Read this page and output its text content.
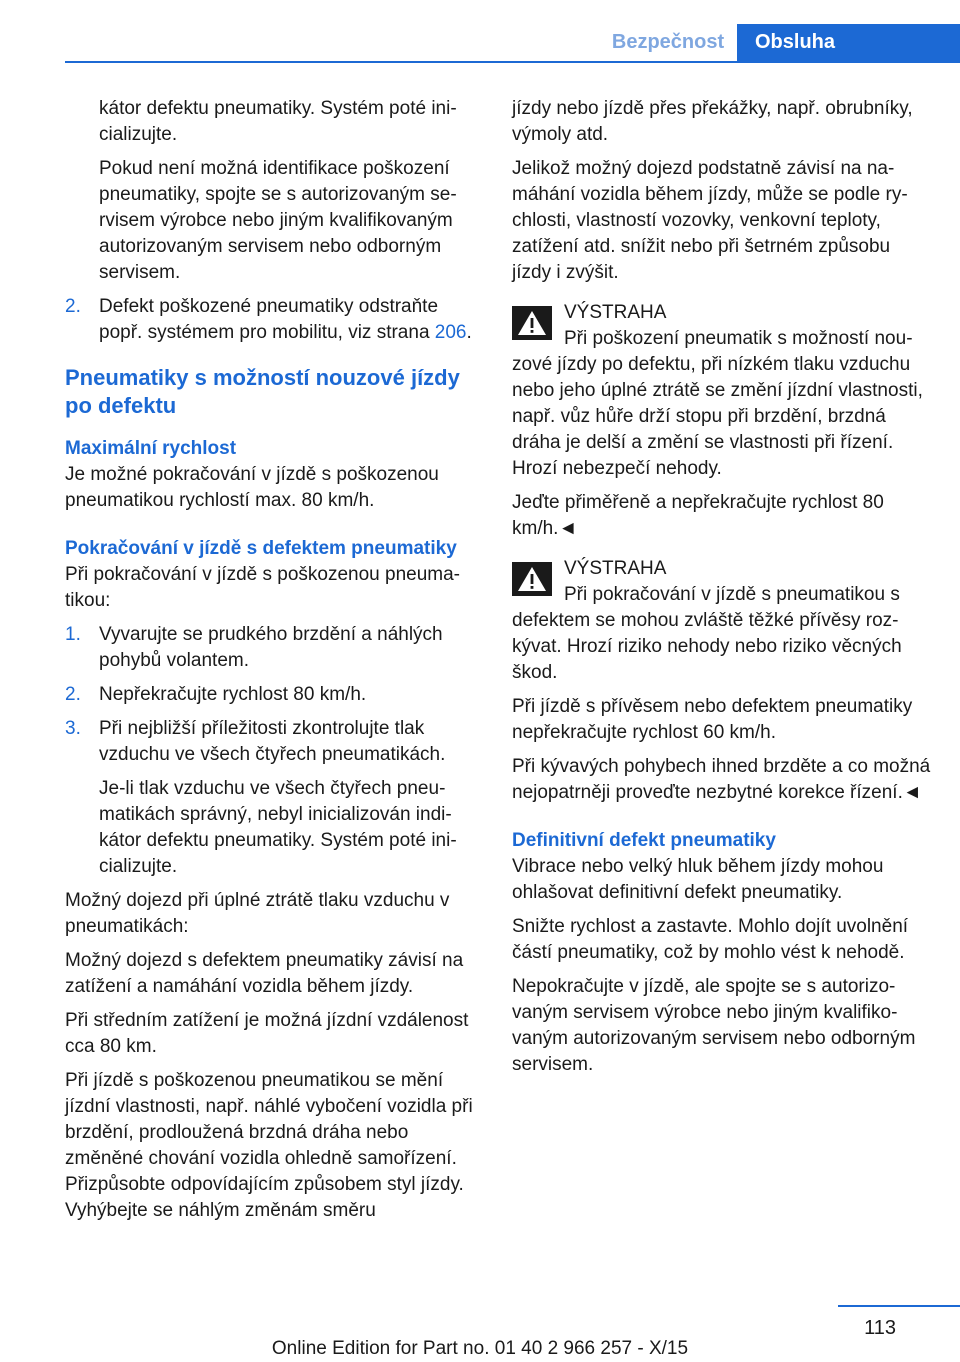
Bezpečnost	Obsluha

kátor defektu pneumatiky. Systém poté inicializujte.

Pokud není možná identifikace poškození pneumatiky, spojte se s autorizovaným servisem výrobce nebo jiným kvalifikovaným autorizovaným servisem nebo odborným servisem.

2. Defekt poškozené pneumatiky odstraňte popř. systémem pro mobilitu, viz strana 206.
Pneumatiky s možností nouzové jízdy po defektu
Maximální rychlost

Je možné pokračování v jízdě s poškozenou pneumatikou rychlostí max. 80 km/h.

Pokračování v jízdě s defektem pneumatiky

Při pokračování v jízdě s poškozenou pneumatikou:

1. Vyvarujte se prudkého brzdění a náhlých pohybů volantem.
2. Nepřekračujte rychlost 80 km/h.
3. Při nejbližší příležitosti zkontrolujte tlak vzduchu ve všech čtyřech pneumatikách.

Je-li tlak vzduchu ve všech čtyřech pneumatikách správný, nebyl inicializován indikátor defektu pneumatiky. Systém poté inicializujte.

Možný dojezd při úplné ztrátě tlaku vzduchu v pneumatikách:

Možný dojezd s defektem pneumatiky závisí na zatížení a namáhání vozidla během jízdy.

Při středním zatížení je možná jízdní vzdálenost cca 80 km.

Při jízdě s poškozenou pneumatikou se mění jízdní vlastnosti, např. náhlé vybočení vozidla při brzdění, prodloužená brzdná dráha nebo změněné chování vozidla ohledně samořízení. Přizpůsobte odpovídajícím způsobem styl jízdy. Vyhýbejte se náhlým změnám směru

jízdy nebo jízdě přes překážky, např. obrubníky, výmoly atd.

Jelikož možný dojezd podstatně závisí na namáhání vozidla během jízdy, může se podle rychlosti, vlastností vozovky, venkovní teploty, zatížení atd. snížit nebo při šetrném způsobu jízdy i zvýšit.

VÝSTRAHA

Při poškození pneumatik s možností nouzové jízdy po defektu, při nízkém tlaku vzduchu nebo jeho úplné ztrátě se změní jízdní vlastnosti, např. vůz hůře drží stopu při brzdění, brzdná dráha je delší a změní se vlastnosti při řízení. Hrozí nebezpečí nehody.

Jeďte přiměřeně a nepřekračujte rychlost 80 km/h.◄

VÝSTRAHA

Při pokračování v jízdě s pneumatikou s defektem se mohou zvláště těžké přívěsy rozkývat. Hrozí riziko nehody nebo riziko věcných škod.

Při jízdě s přívěsem nebo defektem pneumatiky nepřekračujte rychlost 60 km/h.

Při kývavých pohybech ihned brzděte a co možná nejopatrněji proveďte nezbytné korekce řízení.◄

Definitivní defekt pneumatiky

Vibrace nebo velký hluk během jízdy mohou ohlašovat definitivní defekt pneumatiky.

Snižte rychlost a zastavte. Mohlo dojít uvolnění částí pneumatiky, což by mohlo vést k nehodě.

Nepokračujte v jízdě, ale spojte se s autorizovaným servisem výrobce nebo jiným kvalifikovaným autorizovaným servisem nebo odborným servisem.

113
Online Edition for Part no. 01 40 2 966 257 - X/15
